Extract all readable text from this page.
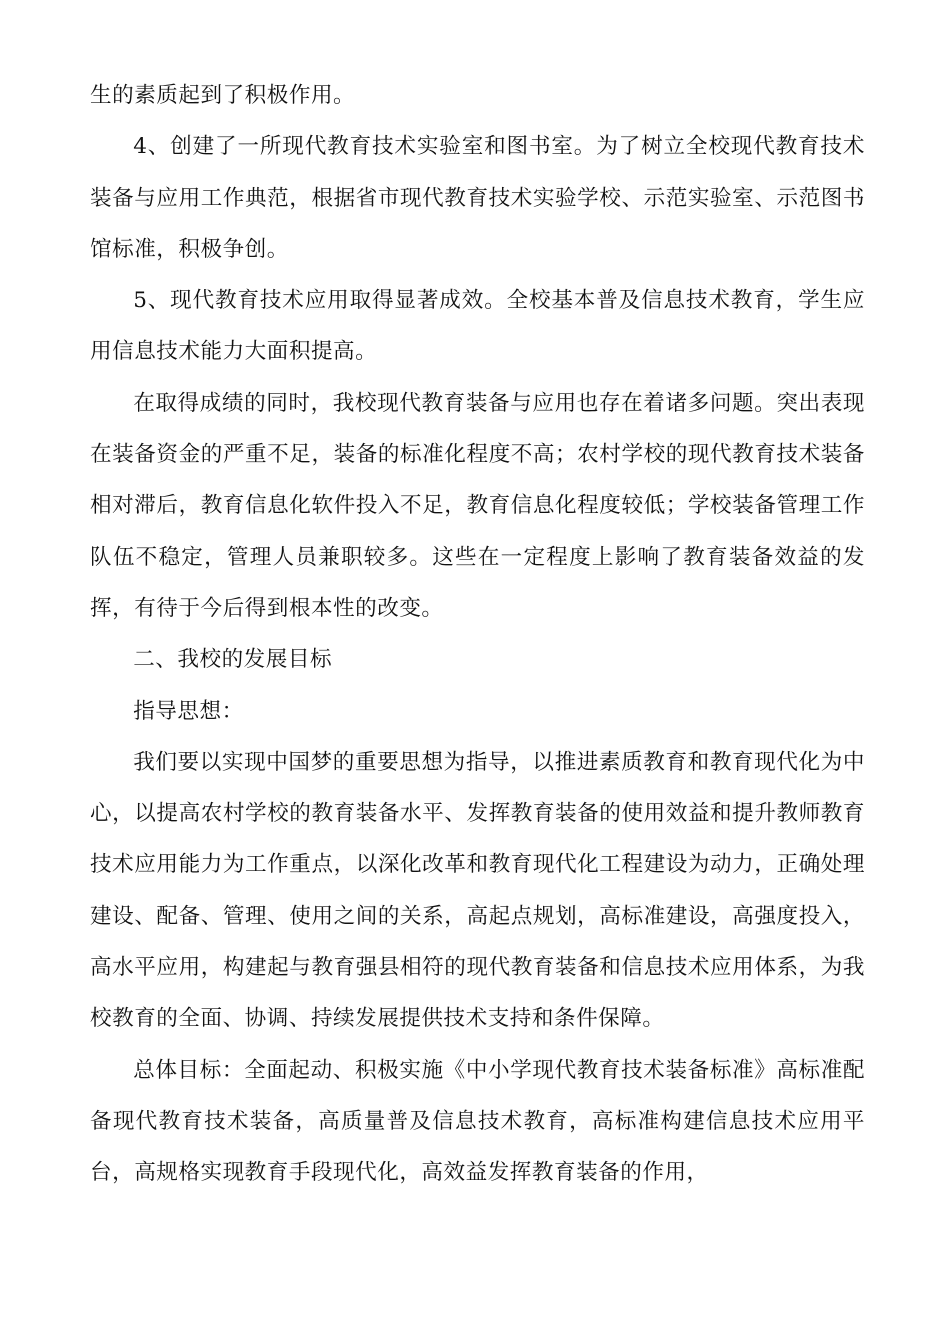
生的素质起到了积极作用。

4、创建了一所现代教育技术实验室和图书室。为了树立全校现代教育技术装备与应用工作典范，根据省市现代教育技术实验学校、示范实验室、示范图书馆标准，积极争创。

5、现代教育技术应用取得显著成效。全校基本普及信息技术教育，学生应用信息技术能力大面积提高。

在取得成绩的同时，我校现代教育装备与应用也存在着诸多问题。突出表现在装备资金的严重不足，装备的标准化程度不高；农村学校的现代教育技术装备相对滞后，教育信息化软件投入不足，教育信息化程度较低；学校装备管理工作队伍不稳定，管理人员兼职较多。这些在一定程度上影响了教育装备效益的发挥，有待于今后得到根本性的改变。

二、我校的发展目标

指导思想：

我们要以实现中国梦的重要思想为指导，以推进素质教育和教育现代化为中心，以提高农村学校的教育装备水平、发挥教育装备的使用效益和提升教师教育技术应用能力为工作重点，以深化改革和教育现代化工程建设为动力，正确处理建设、配备、管理、使用之间的关系，高起点规划，高标准建设，高强度投入，高水平应用，构建起与教育强县相符的现代教育装备和信息技术应用体系，为我校教育的全面、协调、持续发展提供技术支持和条件保障。

总体目标：全面起动、积极实施《中小学现代教育技术装备标准》高标准配备现代教育技术装备，高质量普及信息技术教育，高标准构建信息技术应用平台，高规格实现教育手段现代化，高效益发挥教育装备的作用，
